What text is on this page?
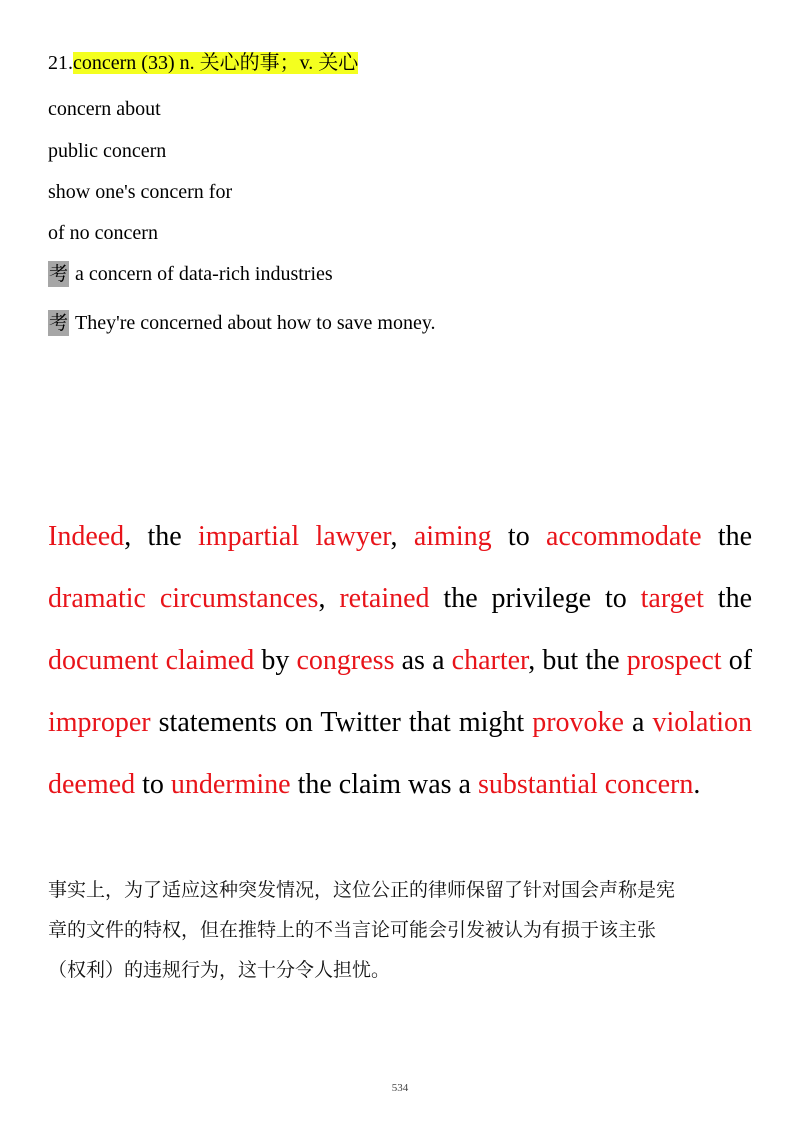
21.concern (33) n. 关心的事；v. 关心
concern about
public concern
show one's concern for
of no concern
考 a concern of data-rich industries
考 They're concerned about how to save money.
Indeed, the impartial lawyer, aiming to accommodate the dramatic circumstances, retained the privilege to target the document claimed by congress as a charter, but the prospect of improper statements on Twitter that might provoke a violation deemed to undermine the claim was a substantial concern.

事实上，为了适应这种突发情况，这位公正的律师保留了针对国会声称是宪

章的文件的特权，但在推特上的不当言论可能会引发被认为有损于该主张

（权利）的违规行为，这十分令人担忧。

534
